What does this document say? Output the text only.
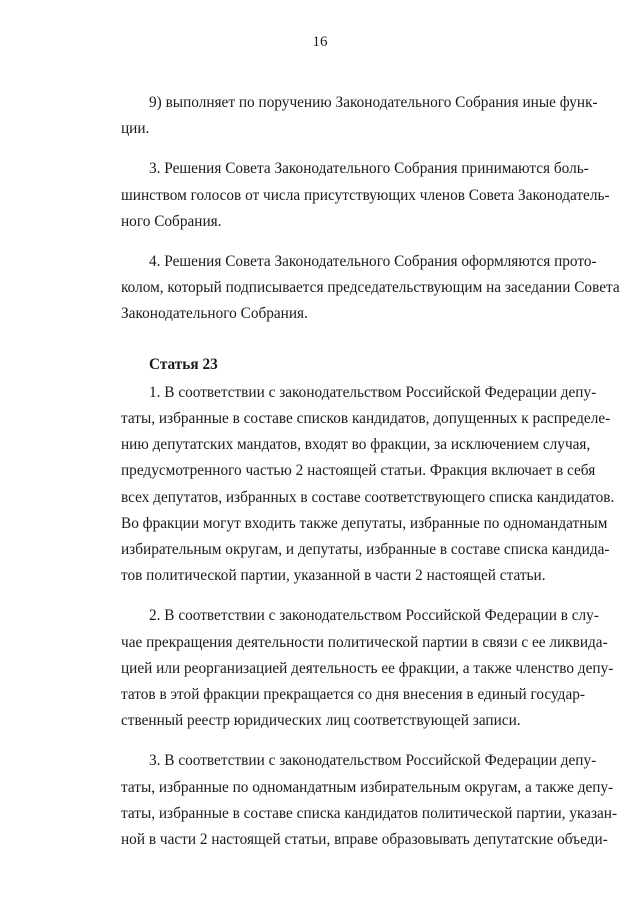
16
9) выполняет по поручению Законодательного Собрания иные функ-
ции.
3. Решения Совета Законодательного Собрания принимаются боль-
шинством голосов от числа присутствующих членов Совета Законодатель-
ного Собрания.
4. Решения Совета Законодательного Собрания оформляются прото-
колом, который подписывается председательствующим на заседании Совета
Законодательного Собрания.
Статья 23
1. В соответствии с законодательством Российской Федерации депу-
таты, избранные в составе списков кандидатов, допущенных к распределе-
нию депутатских мандатов, входят во фракции, за исключением случая,
предусмотренного частью 2 настоящей статьи. Фракция включает в себя
всех депутатов, избранных в составе соответствующего списка кандидатов.
Во фракции могут входить также депутаты, избранные по одномандатным
избирательным округам, и депутаты, избранные в составе списка кандида-
тов политической партии, указанной в части 2 настоящей статьи.
2. В соответствии с законодательством Российской Федерации в слу-
чае прекращения деятельности политической партии в связи с ее ликвида-
цией или реорганизацией деятельность ее фракции, а также членство депу-
татов в этой фракции прекращается со дня внесения в единый государ-
ственный реестр юридических лиц соответствующей записи.
3. В соответствии с законодательством Российской Федерации депу-
таты, избранные по одномандатным избирательным округам, а также депу-
таты, избранные в составе списка кандидатов политической партии, указан-
ной в части 2 настоящей статьи, вправе образовывать депутатские объеди-
